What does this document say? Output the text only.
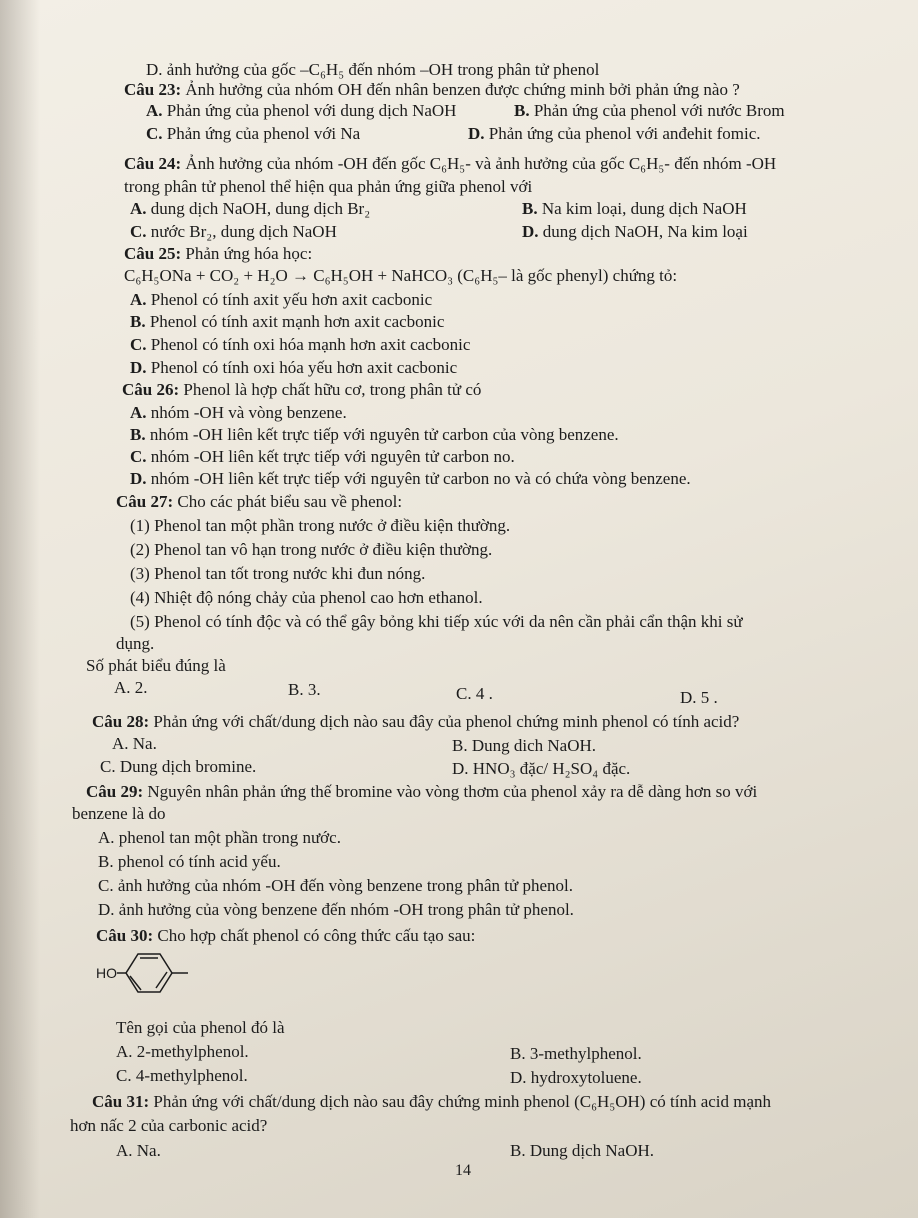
D. ảnh hưởng của gốc –C₆H₅ đến nhóm –OH trong phân tử phenol
Câu 23: Ảnh hưởng của nhóm OH đến nhân benzen được chứng minh bởi phản ứng nào ?
A. Phản ứng của phenol với dung dịch NaOH	B. Phản ứng của phenol với nước Brom
C. Phản ứng của phenol với Na	D. Phản ứng của phenol với anđehit fomic.
Câu 24: Ảnh hưởng của nhóm -OH đến gốc C₆H₅- và ảnh hưởng của gốc C₆H₅- đến nhóm -OH
trong phân tử phenol thể hiện qua phản ứng giữa phenol với
A. dung dịch NaOH, dung dịch Br₂	B. Na kim loại, dung dịch NaOH
C. nước Br₂, dung dịch NaOH	D. dung dịch NaOH, Na kim loại
Câu 25: Phản ứng hóa học:
C₆H₅ONa + CO₂ + H₂O → C₆H₅OH + NaHCO₃ (C₆H₅– là gốc phenyl) chứng tỏ:
A. Phenol có tính axit yếu hơn axit cacbonic
B. Phenol có tính axit mạnh hơn axit cacbonic
C. Phenol có tính oxi hóa mạnh hơn axit cacbonic
D. Phenol có tính oxi hóa yếu hơn axit cacbonic
Câu 26: Phenol là hợp chất hữu cơ, trong phân tử có
A. nhóm -OH và vòng benzene.
B. nhóm -OH liên kết trực tiếp với nguyên tử carbon của vòng benzene.
C. nhóm -OH liên kết trực tiếp với nguyên tử carbon no.
D. nhóm -OH liên kết trực tiếp với nguyên tử carbon no và có chứa vòng benzene.
Câu 27: Cho các phát biểu sau về phenol:
(1) Phenol tan một phần trong nước ở điều kiện thường.
(2) Phenol tan vô hạn trong nước ở điều kiện thường.
(3) Phenol tan tốt trong nước khi đun nóng.
(4) Nhiệt độ nóng chảy của phenol cao hơn ethanol.
(5) Phenol có tính độc và có thể gây bỏng khi tiếp xúc với da nên cần phải cẩn thận khi sử
dụng.
Số phát biểu đúng là
A. 2.	B. 3.	C. 4 .	D. 5 .
Câu 28: Phản ứng với chất/dung dịch nào sau đây của phenol chứng minh phenol có tính acid?
A. Na.	B. Dung dich NaOH.
C. Dung dịch bromine.	D. HNO₃ đặc/ H₂SO₄ đặc.
Câu 29: Nguyên nhân phản ứng thế bromine vào vòng thơm của phenol xảy ra dễ dàng hơn so với
benzene là do
A. phenol tan một phần trong nước.
B. phenol có tính acid yếu.
C. ảnh hưởng của nhóm -OH đến vòng benzene trong phân tử phenol.
D. ảnh hưởng của vòng benzene đến nhóm -OH trong phân tử phenol.
Câu 30: Cho hợp chất phenol có công thức cấu tạo sau:
HO
Tên gọi của phenol đó là
A. 2-methylphenol.	B. 3-methylphenol.
C. 4-methylphenol.	D. hydroxytoluene.
Câu 31: Phản ứng với chất/dung dịch nào sau đây chứng minh phenol (C₆H₅OH) có tính acid mạnh
hơn nấc 2 của carbonic acid?
A. Na.	B. Dung dịch NaOH.
14
